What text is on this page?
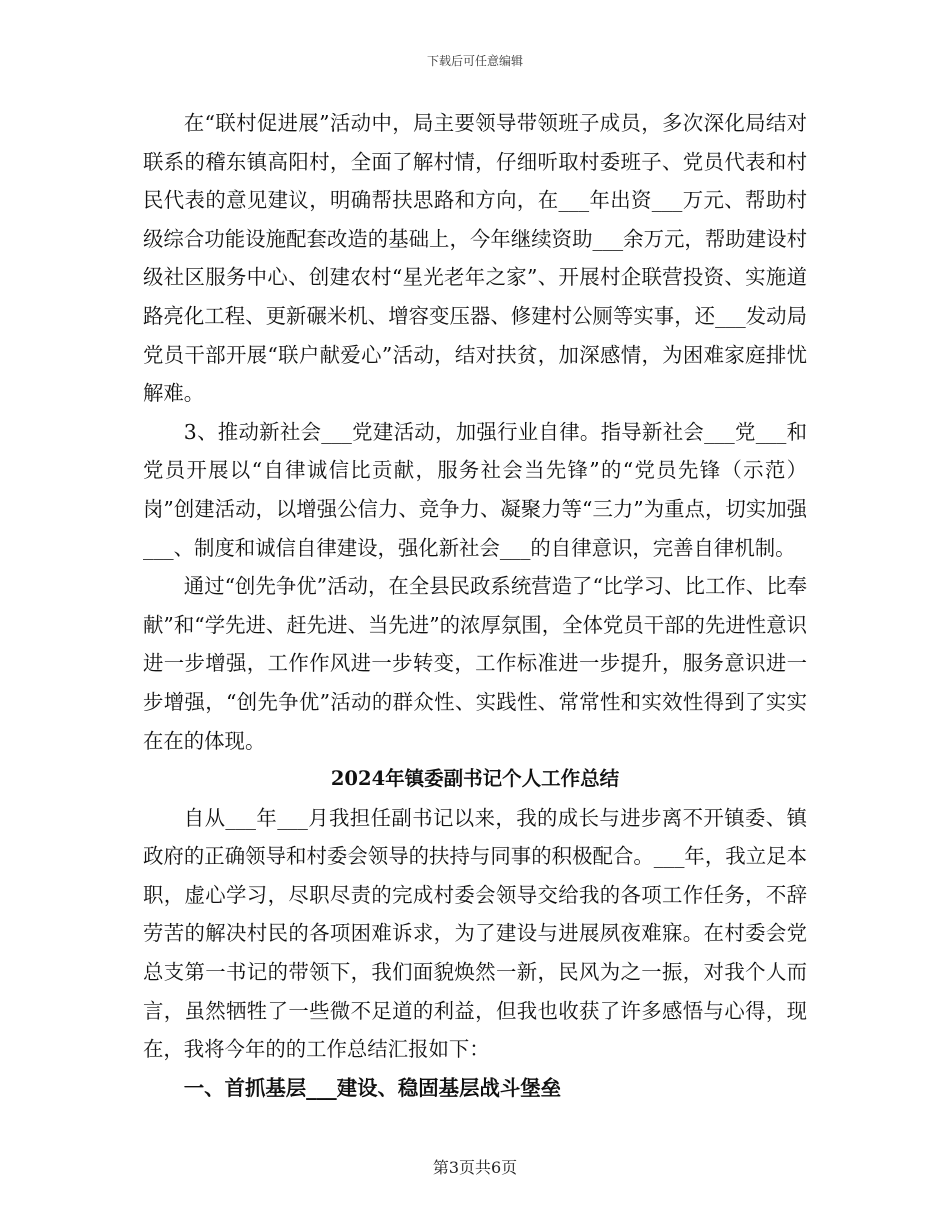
下载后可任意编辑

在“联村促进展”活动中，局主要领导带领班子成员，多次深化局结对联系的稽东镇高阳村，全面了解村情，仔细听取村委班子、党员代表和村民代表的意见建议，明确帮扶思路和方向，在___年出资___万元、帮助村级综合功能设施配套改造的基础上，今年继续资助___余万元，帮助建设村级社区服务中心、创建农村“星光老年之家”、开展村企联营投资、实施道路亮化工程、更新碾米机、增容变压器、修建村公厕等实事，还___发动局党员干部开展“联户献爱心”活动，结对扶贫，加深感情，为困难家庭排忧解难。

3、推动新社会___党建活动，加强行业自律。指导新社会___党___和党员开展以“自律诚信比贡献，服务社会当先锋”的“党员先锋（示范）岗”创建活动，以增强公信力、竞争力、凝聚力等“三力”为重点，切实加强___、制度和诚信自律建设，强化新社会___的自律意识，完善自律机制。

通过“创先争优”活动，在全县民政系统营造了“比学习、比工作、比奉献”和“学先进、赶先进、当先进”的浓厚氛围，全体党员干部的先进性意识进一步增强，工作作风进一步转变，工作标准进一步提升，服务意识进一步增强，“创先争优”活动的群众性、实践性、常常性和实效性得到了实实在在的体现。

2024年镇委副书记个人工作总结

自从___年___月我担任副书记以来，我的成长与进步离不开镇委、镇政府的正确领导和村委会领导的扶持与同事的积极配合。___年，我立足本职，虚心学习，尽职尽责的完成村委会领导交给我的各项工作任务，不辞劳苦的解决村民的各项困难诉求，为了建设与进展夙夜难寐。在村委会党总支第一书记的带领下，我们面貌焕然一新，民风为之一振，对我个人而言，虽然牺牲了一些微不足道的利益，但我也收获了许多感悟与心得，现在，我将今年的的工作总结汇报如下：

一、首抓基层___建设、稳固基层战斗堡垒

第3页共6页
